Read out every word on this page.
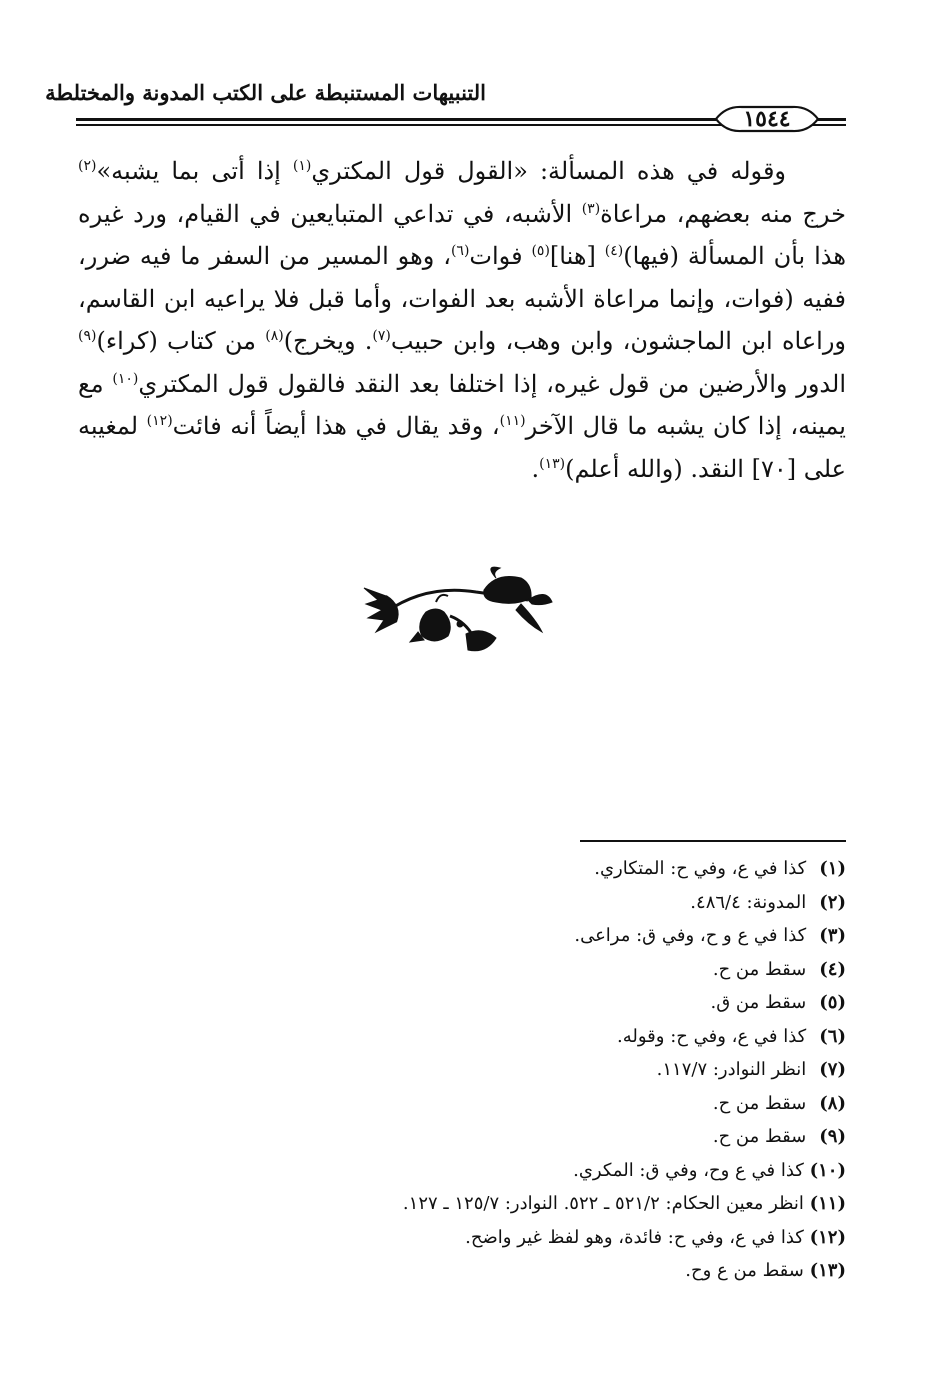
التنبيهات المستنبطة على الكتب المدونة والمختلطة
١٥٤٤

وقوله في هذه المسألة: «القول قول المكتري$^{(١)}$ إذا أتى بما يشبه»$^{(٢)}$ خرج منه بعضهم، مراعاة$^{(٣)}$ الأشبه، في تداعي المتبايعين في القيام، ورد غيره هذا بأن المسألة (فيها)$^{(٤)}$ [هنا]$^{(٥)}$ فوات$^{(٦)}$، وهو المسير من السفر ما فيه ضرر، ففيه (فوات، وإنما مراعاة الأشبه بعد الفوات، وأما قبل فلا يراعيه ابن القاسم، وراعاه ابن الماجشون، وابن وهب، وابن حبيب$^{(٧)}$. ويخرج)$^{(٨)}$ من كتاب (كراء)$^{(٩)}$ الدور والأرضين من قول غيره، إذا اختلفا بعد النقد فالقول قول المكتري$^{(١٠)}$ مع يمينه، إذا كان يشبه ما قال الآخر$^{(١١)}$، وقد يقال في هذا أيضاً أنه فائت$^{(١٢)}$ لمغيبه على [٧٠] النقد. (والله أعلم)$^{(١٣)}$.

(١) كذا في ع، وفي ح: المتكاري.
(٢) المدونة: ٤٨٦/٤.
(٣) كذا في ع و ح، وفي ق: مراعى.
(٤) سقط من ح.
(٥) سقط من ق.
(٦) كذا في ع، وفي ح: وقوله.
(٧) انظر النوادر: ١١٧/٧.
(٨) سقط من ح.
(٩) سقط من ح.
(١٠) كذا في ع وح، وفي ق: المكري.
(١١) انظر معين الحكام: ٥٢١/٢ ـ ٥٢٢. النوادر: ١٢٥/٧ ـ ١٢٧.
(١٢) كذا في ع، وفي ح: فائدة، وهو لفظ غير واضح.
(١٣) سقط من ع وح.
